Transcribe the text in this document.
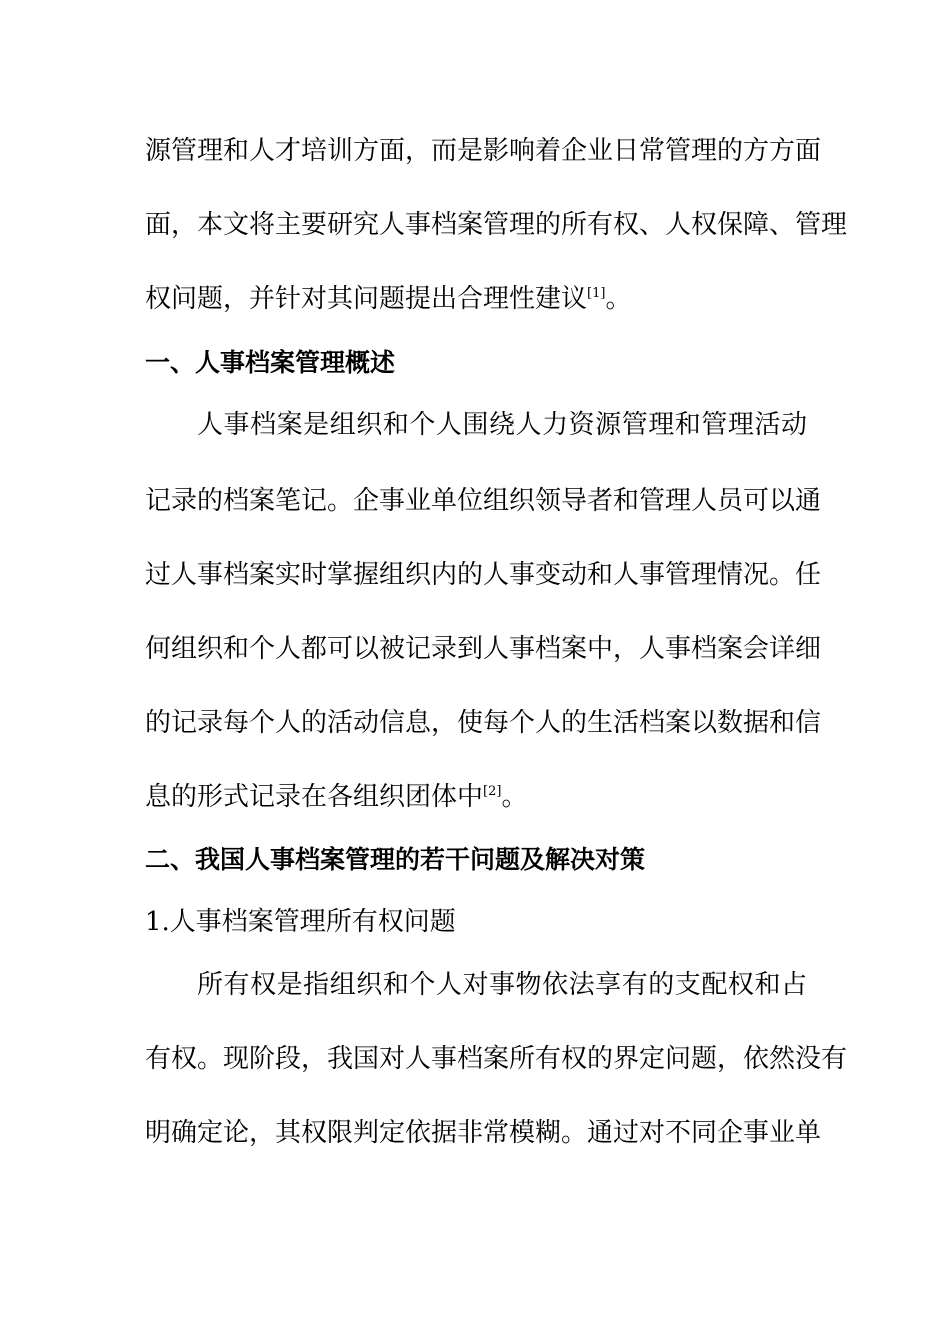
源管理和人才培训方面，而是影响着企业日常管理的方方面
面，本文将主要研究人事档案管理的所有权、人权保障、管理
权问题，并针对其问题提出合理性建议[1]。
一、人事档案管理概述
人事档案是组织和个人围绕人力资源管理和管理活动
记录的档案笔记。企事业单位组织领导者和管理人员可以通
过人事档案实时掌握组织内的人事变动和人事管理情况。任
何组织和个人都可以被记录到人事档案中，人事档案会详细
的记录每个人的活动信息，使每个人的生活档案以数据和信
息的形式记录在各组织团体中[2]。
二、我国人事档案管理的若干问题及解决对策
1.人事档案管理所有权问题
所有权是指组织和个人对事物依法享有的支配权和占
有权。现阶段，我国对人事档案所有权的界定问题，依然没有
明确定论，其权限判定依据非常模糊。通过对不同企事业单
